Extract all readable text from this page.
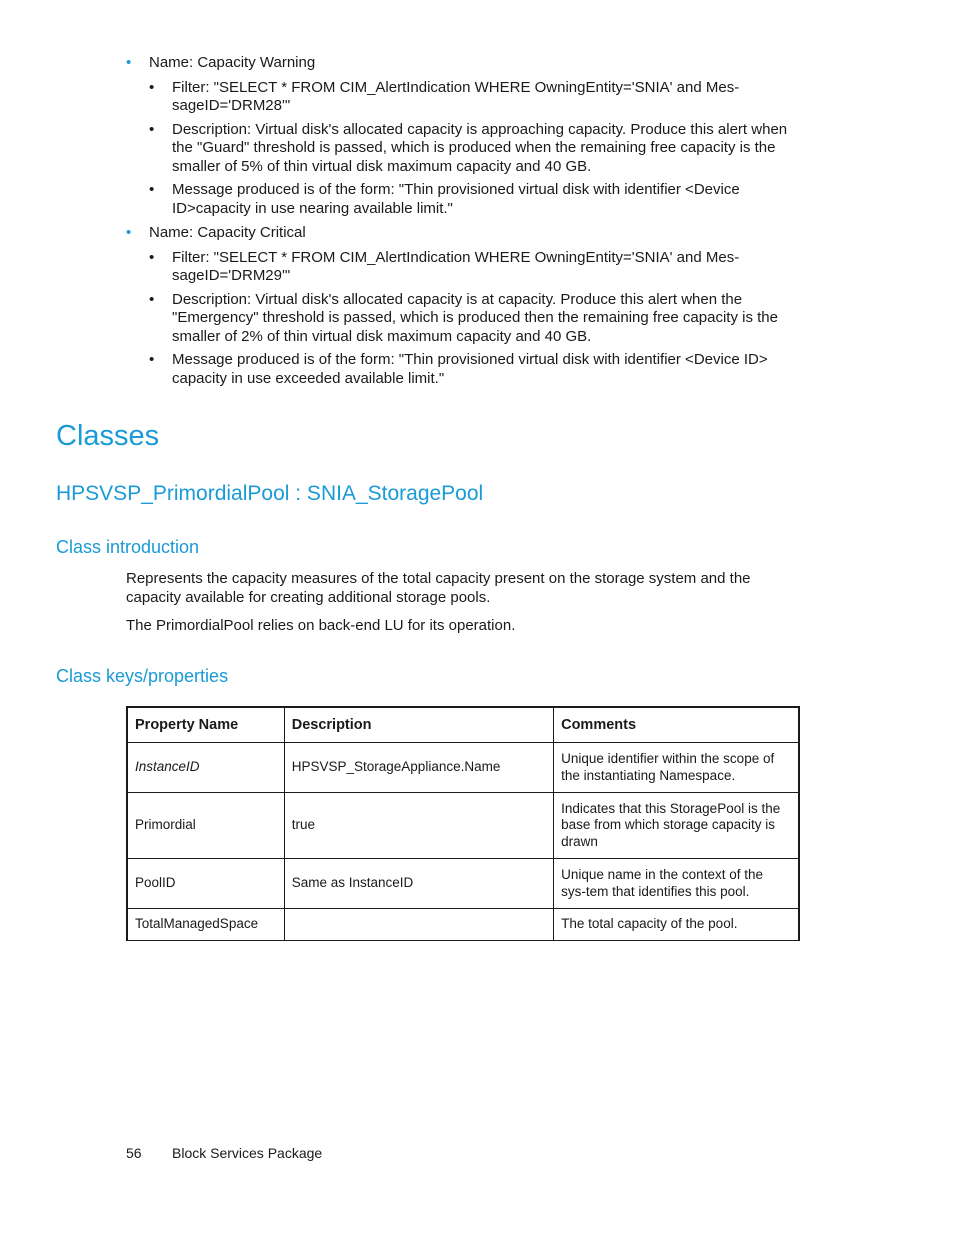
• Name: Capacity Warning
• Filter: "SELECT * FROM CIM_AlertIndication WHERE OwningEntity='SNIA' and Mes-sageID='DRM28'"
• Description: Virtual disk's allocated capacity is approaching capacity. Produce this alert when the "Guard" threshold is passed, which is produced when the remaining free capacity is the smaller of 5% of thin virtual disk maximum capacity and 40 GB.
• Message produced is of the form: "Thin provisioned virtual disk with identifier <Device ID>capacity in use nearing available limit."
• Name: Capacity Critical
• Filter: "SELECT * FROM CIM_AlertIndication WHERE OwningEntity='SNIA' and Mes-sageID='DRM29'"
• Description: Virtual disk's allocated capacity is at capacity. Produce this alert when the "Emergency" threshold is passed, which is produced then the remaining free capacity is the smaller of 2% of thin virtual disk maximum capacity and 40 GB.
• Message produced is of the form: "Thin provisioned virtual disk with identifier <Device ID> capacity in use exceeded available limit."
Classes
HPSVSP_PrimordialPool : SNIA_StoragePool
Class introduction

Represents the capacity measures of the total capacity present on the storage system and the capacity available for creating additional storage pools.

The PrimordialPool relies on back-end LU for its operation.

Class keys/properties
Property Name	Description	Comments
InstanceID	HPSVSP_StorageAppliance.Name	Unique identifier within the scope of the instantiating Namespace.
Primordial	true	Indicates that this StoragePool is the base from which storage capacity is drawn
PoolID	Same as InstanceID	Unique name in the context of the sys-tem that identifies this pool.
TotalManagedSpace		The total capacity of the pool.
56 Block Services Package
